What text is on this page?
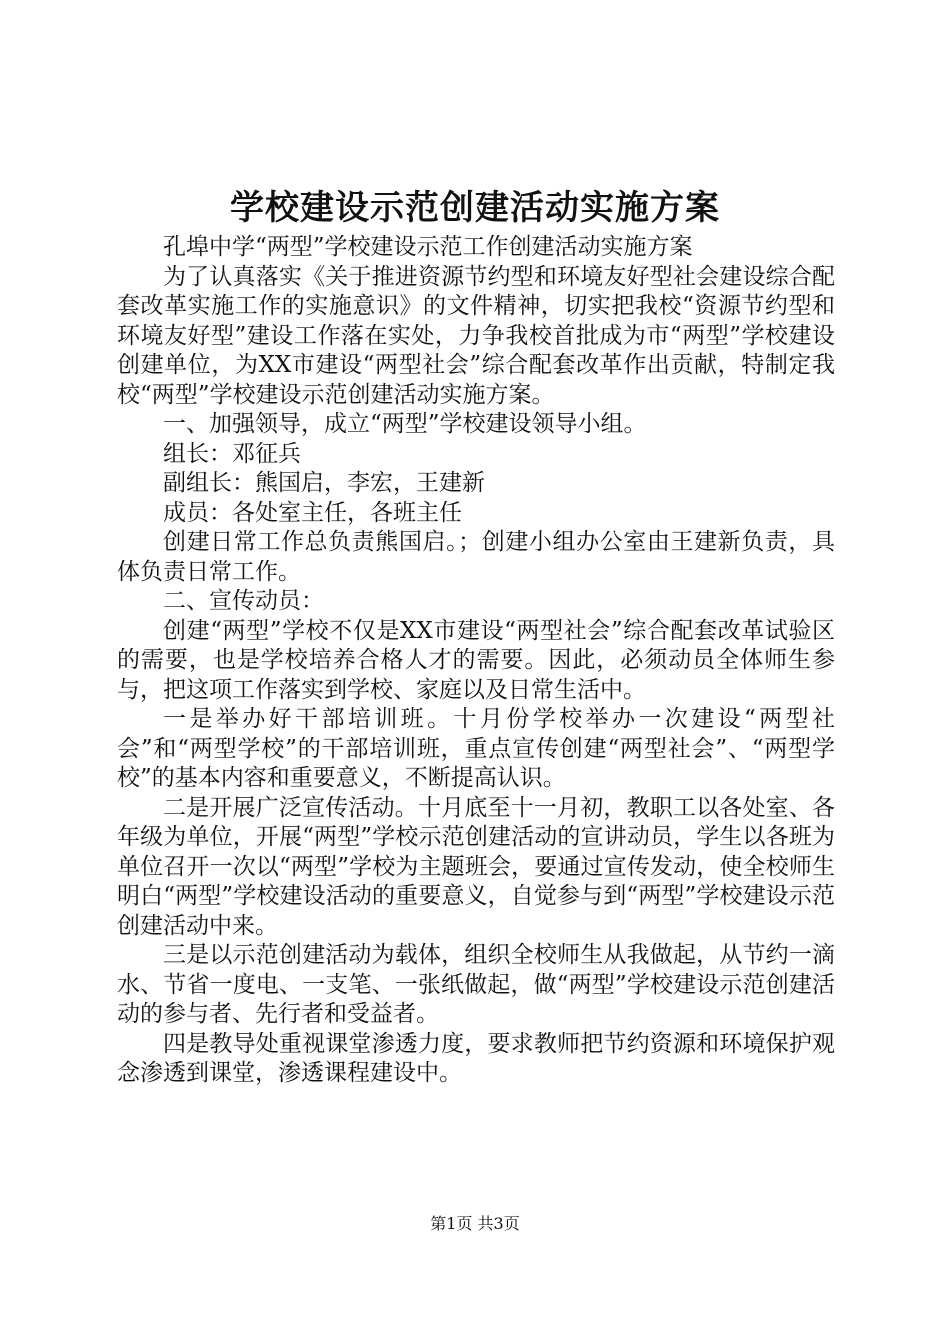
学校建设示范创建活动实施方案

孔埠中学“两型”学校建设示范工作创建活动实施方案

为了认真落实《关于推进资源节约型和环境友好型社会建设综合配套改革实施工作的实施意识》的文件精神，切实把我校“资源节约型和环境友好型”建设工作落在实处，力争我校首批成为市“两型”学校建设创建单位，为XX市建设“两型社会”综合配套改革作出贡献，特制定我校“两型”学校建设示范创建活动实施方案。

一、加强领导，成立“两型”学校建设领导小组。

组长：邓征兵

副组长：熊国启，李宏，王建新

成员：各处室主任，各班主任

创建日常工作总负责熊国启。；创建小组办公室由王建新负责，具体负责日常工作。

二、宣传动员：

创建“两型”学校不仅是XX市建设“两型社会”综合配套改革试验区的需要，也是学校培养合格人才的需要。因此，必须动员全体师生参与，把这项工作落实到学校、家庭以及日常生活中。

一是举办好干部培训班。十月份学校举办一次建设“两型社会”和“两型学校”的干部培训班，重点宣传创建“两型社会”、“两型学校”的基本内容和重要意义，不断提高认识。

二是开展广泛宣传活动。十月底至十一月初，教职工以各处室、各年级为单位，开展“两型”学校示范创建活动的宣讲动员，学生以各班为单位召开一次以“两型”学校为主题班会，要通过宣传发动，使全校师生明白“两型”学校建设活动的重要意义，自觉参与到“两型”学校建设示范创建活动中来。

三是以示范创建活动为载体，组织全校师生从我做起，从节约一滴水、节省一度电、一支笔、一张纸做起，做“两型”学校建设示范创建活动的参与者、先行者和受益者。

四是教导处重视课堂渗透力度，要求教师把节约资源和环境保护观念渗透到课堂，渗透课程建设中。

第1页 共3页
